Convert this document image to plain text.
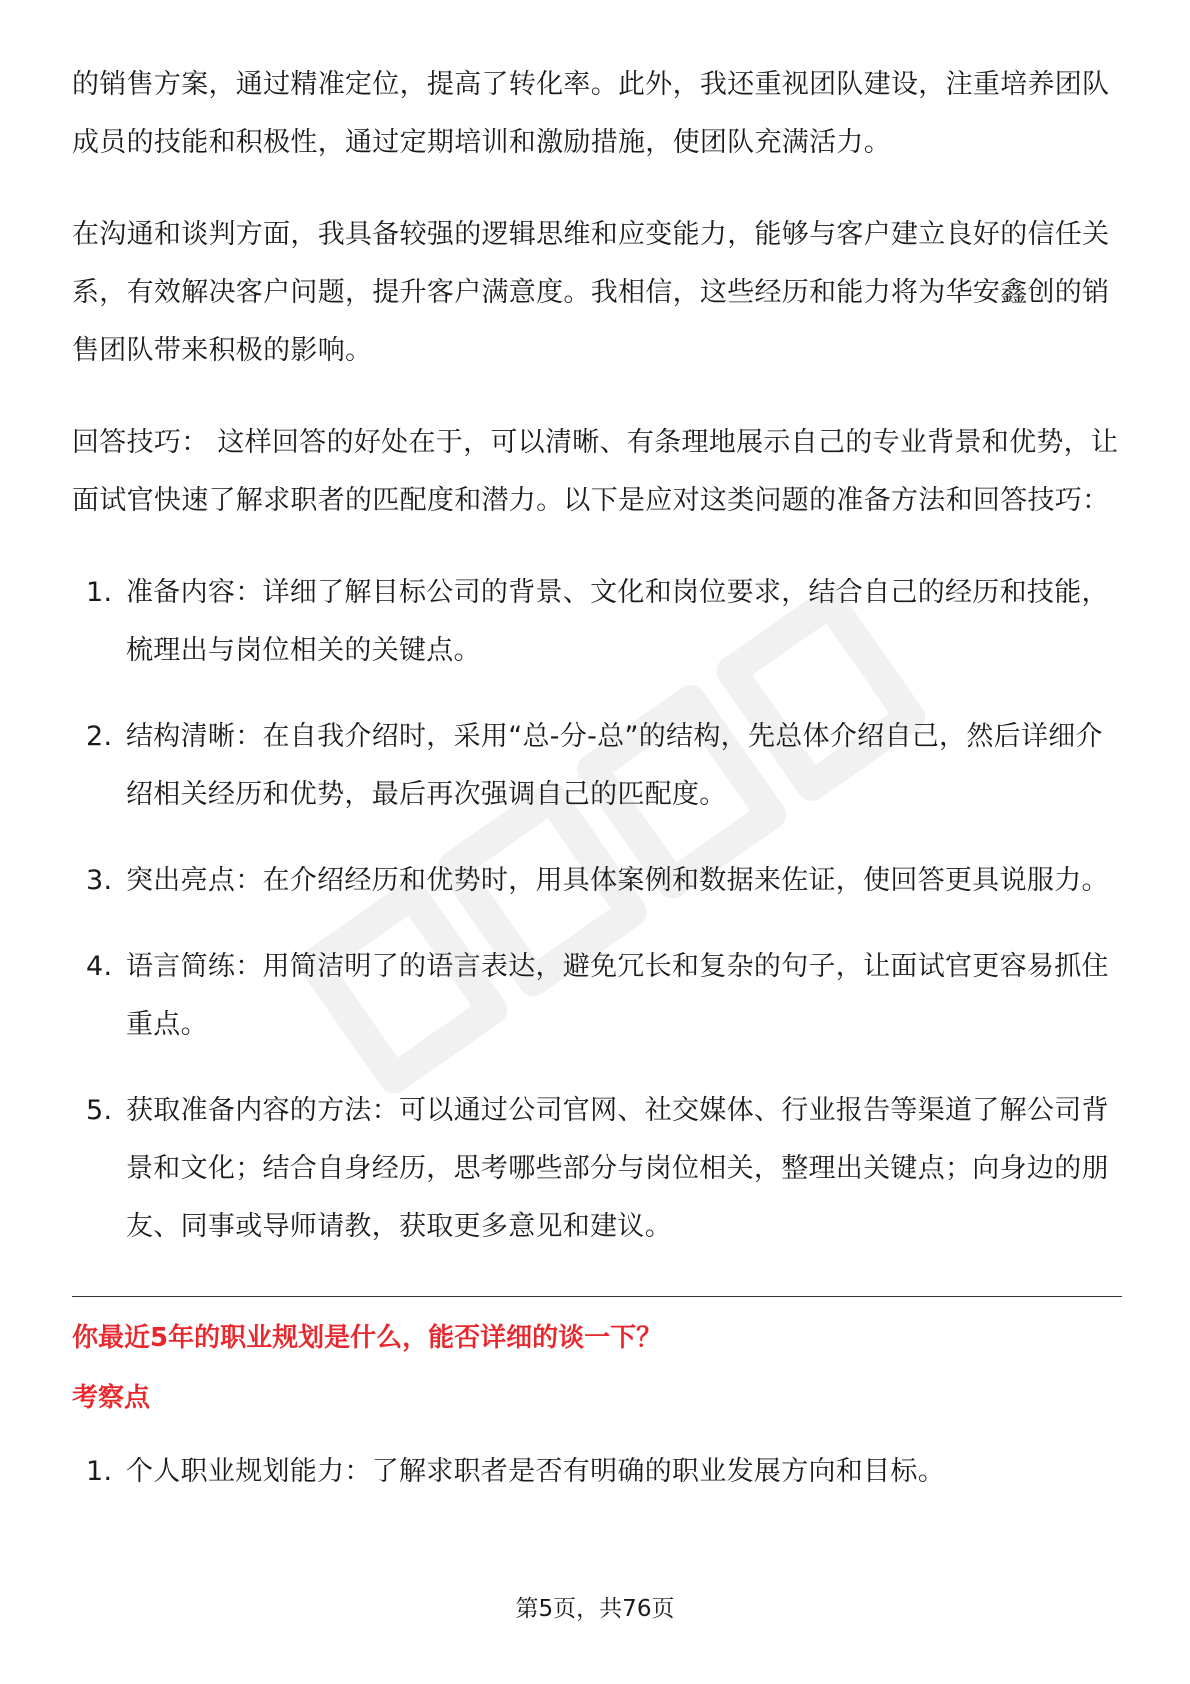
的销售方案，通过精准定位，提高了转化率。此外，我还重视团队建设，注重培养团队成员的技能和积极性，通过定期培训和激励措施，使团队充满活力。

在沟通和谈判方面，我具备较强的逻辑思维和应变能力，能够与客户建立良好的信任关系，有效解决客户问题，提升客户满意度。我相信，这些经历和能力将为华安鑫创的销售团队带来积极的影响。

回答技巧： 这样回答的好处在于，可以清晰、有条理地展示自己的专业背景和优势，让面试官快速了解求职者的匹配度和潜力。以下是应对这类问题的准备方法和回答技巧：

1. 准备内容：详细了解目标公司的背景、文化和岗位要求，结合自己的经历和技能，梳理出与岗位相关的关键点。
2. 结构清晰：在自我介绍时，采用“总-分-总”的结构，先总体介绍自己，然后详细介绍相关经历和优势，最后再次强调自己的匹配度。
3. 突出亮点：在介绍经历和优势时，用具体案例和数据来佐证，使回答更具说服力。
4. 语言简练：用简洁明了的语言表达，避免冗长和复杂的句子，让面试官更容易抓住重点。
5. 获取准备内容的方法：可以通过公司官网、社交媒体、行业报告等渠道了解公司背景和文化；结合自身经历，思考哪些部分与岗位相关，整理出关键点；向身边的朋友、同事或导师请教，获取更多意见和建议。

你最近5年的职业规划是什么，能否详细的谈一下？

考察点

1. 个人职业规划能力：了解求职者是否有明确的职业发展方向和目标。
第5页，共76页
